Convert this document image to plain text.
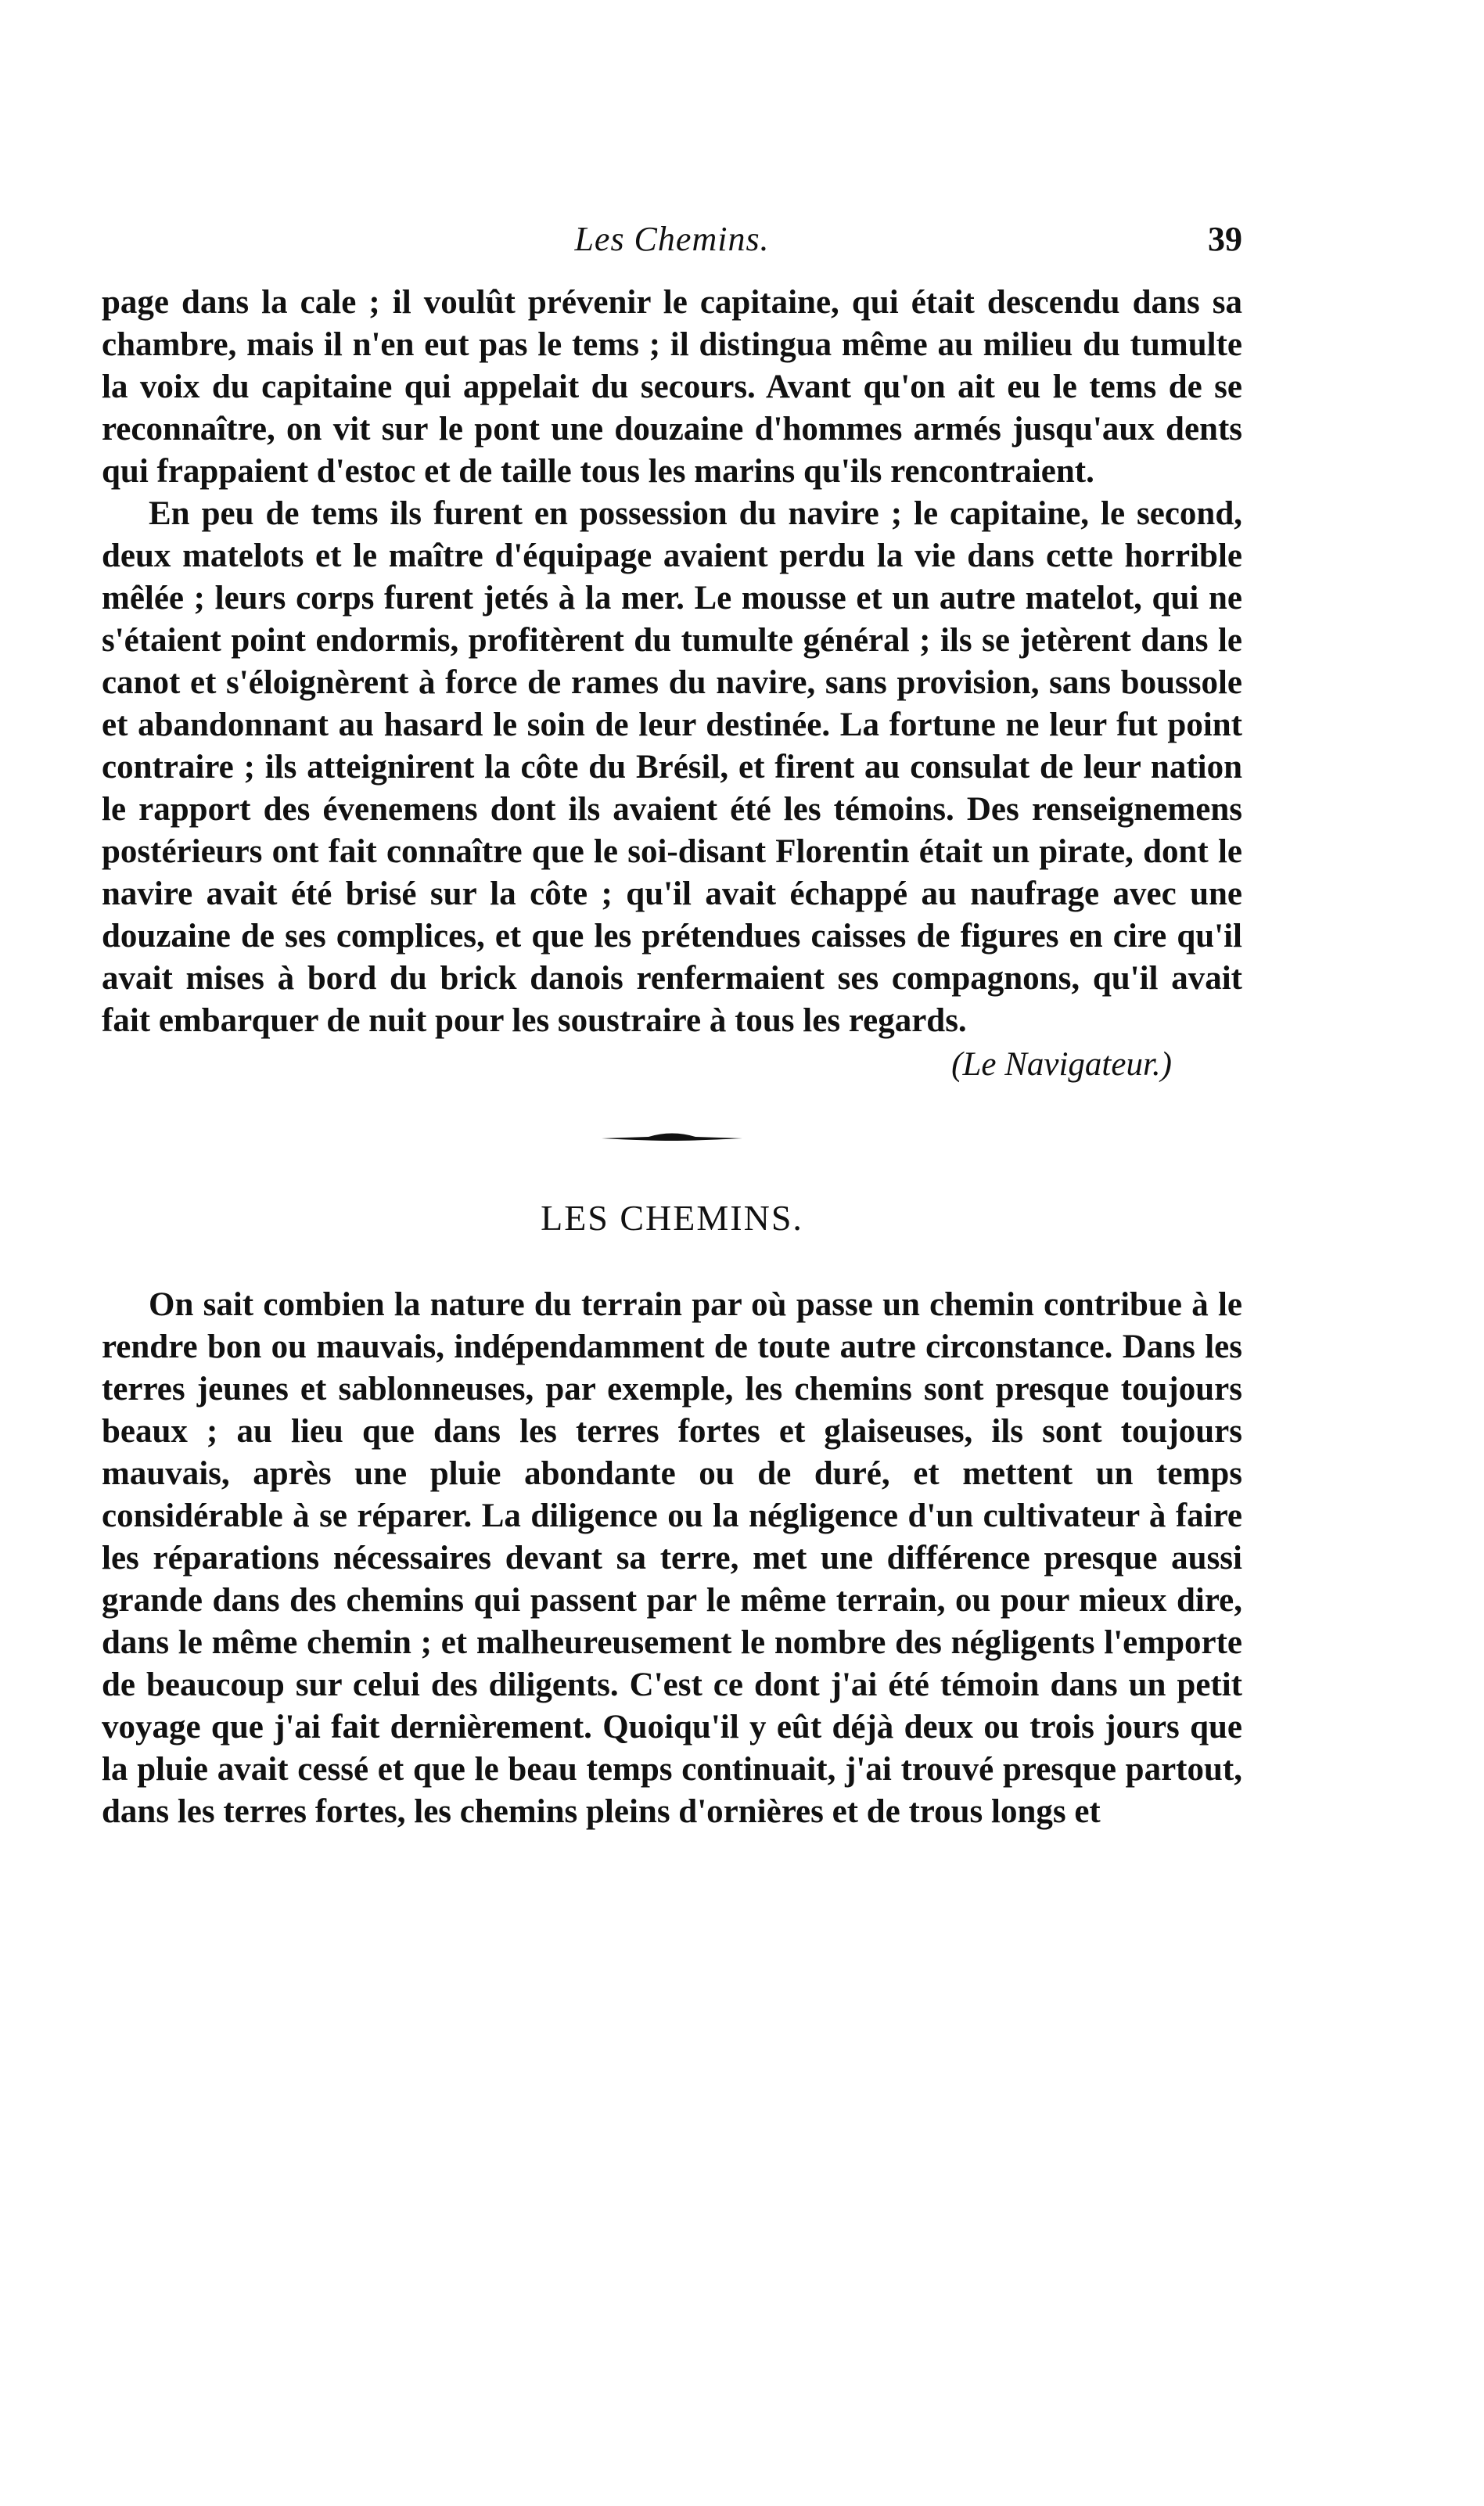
Les Chemins.	39

page dans la cale ; il voulût prévenir le capitaine, qui était descendu dans sa chambre, mais il n'en eut pas le tems ; il distingua même au milieu du tumulte la voix du capitaine qui appelait du secours. Avant qu'on ait eu le tems de se reconnaître, on vit sur le pont une douzaine d'hommes armés jusqu'aux dents qui frappaient d'estoc et de taille tous les marins qu'ils rencontraient.

En peu de tems ils furent en possession du navire ; le capitaine, le second, deux matelots et le maître d'équipage avaient perdu la vie dans cette horrible mêlée ; leurs corps furent jetés à la mer. Le mousse et un autre matelot, qui ne s'étaient point endormis, profitèrent du tumulte général ; ils se jetèrent dans le canot et s'éloignèrent à force de rames du navire, sans provision, sans boussole et abandonnant au hasard le soin de leur destinée. La fortune ne leur fut point contraire ; ils atteignirent la côte du Brésil, et firent au consulat de leur nation le rapport des évenemens dont ils avaient été les témoins. Des renseignemens postérieurs ont fait connaître que le soi-disant Florentin était un pirate, dont le navire avait été brisé sur la côte ; qu'il avait échappé au naufrage avec une douzaine de ses complices, et que les prétendues caisses de figures en cire qu'il avait mises à bord du brick danois renfermaient ses compagnons, qu'il avait fait embarquer de nuit pour les soustraire à tous les regards.

(Le Navigateur.)
LES CHEMINS.

On sait combien la nature du terrain par où passe un chemin contribue à le rendre bon ou mauvais, indépendamment de toute autre circonstance. Dans les terres jeunes et sablonneuses, par exemple, les chemins sont presque toujours beaux ; au lieu que dans les terres fortes et glaiseuses, ils sont toujours mauvais, après une pluie abondante ou de duré, et mettent un temps considérable à se réparer. La diligence ou la négligence d'un cultivateur à faire les réparations nécessaires devant sa terre, met une différence presque aussi grande dans des chemins qui passent par le même terrain, ou pour mieux dire, dans le même chemin ; et malheureusement le nombre des négligents l'emporte de beaucoup sur celui des diligents. C'est ce dont j'ai été témoin dans un petit voyage que j'ai fait dernièrement. Quoiqu'il y eût déjà deux ou trois jours que la pluie avait cessé et que le beau temps continuait, j'ai trouvé presque partout, dans les terres fortes, les chemins pleins d'ornières et de trous longs et
